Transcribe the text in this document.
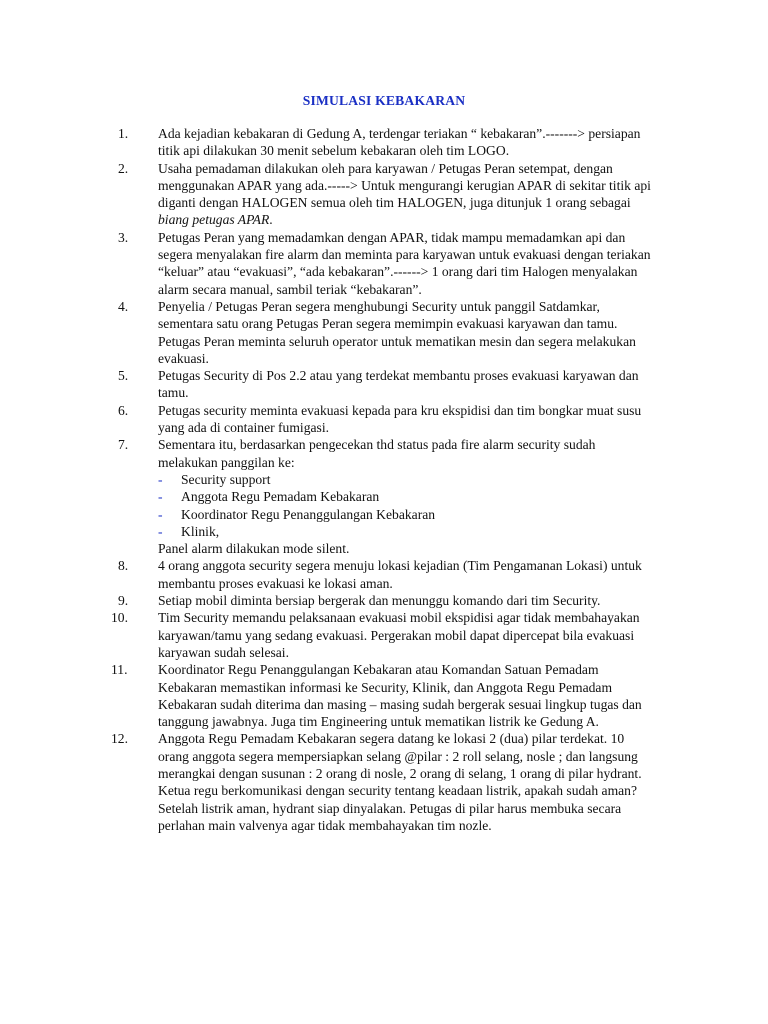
SIMULASI KEBAKARAN
1.	Ada kejadian kebakaran di Gedung A, terdengar teriakan “ kebakaran”.-------> persiapan titik api dilakukan 30 menit sebelum kebakaran oleh tim LOGO.
2.	Usaha pemadaman dilakukan oleh para karyawan / Petugas Peran setempat, dengan menggunakan APAR yang ada.-----> Untuk mengurangi kerugian APAR di sekitar titik api diganti dengan HALOGEN semua oleh tim HALOGEN, juga ditunjuk 1 orang sebagai biang petugas APAR.
3.	Petugas Peran yang memadamkan dengan APAR, tidak mampu memadamkan api dan segera menyalakan fire alarm dan meminta para karyawan untuk evakuasi dengan teriakan “keluar” atau “evakuasi”, “ada kebakaran”.------> 1 orang dari tim Halogen menyalakan alarm secara manual, sambil teriak “kebakaran”.
4.	Penyelia / Petugas Peran segera menghubungi Security untuk panggil Satdamkar, sementara satu orang Petugas Peran segera memimpin evakuasi karyawan dan tamu. Petugas Peran meminta seluruh operator untuk mematikan mesin dan segera melakukan evakuasi.
5.	Petugas Security di Pos 2.2 atau yang terdekat membantu proses evakuasi karyawan dan tamu.
6.	Petugas security meminta evakuasi kepada para kru ekspidisi dan tim bongkar muat susu yang ada di container fumigasi.
7.	Sementara itu, berdasarkan pengecekan thd status pada fire alarm security sudah melakukan panggilan ke:
- Security support
- Anggota Regu Pemadam Kebakaran
- Koordinator Regu Penanggulangan Kebakaran
- Klinik,
Panel alarm dilakukan mode silent.
8.	4 orang anggota security segera menuju lokasi kejadian (Tim Pengamanan Lokasi) untuk membantu proses evakuasi ke lokasi aman.
9.	Setiap mobil diminta bersiap bergerak dan menunggu komando dari tim Security.
10.	Tim Security memandu pelaksanaan evakuasi mobil ekspidisi agar tidak membahayakan karyawan/tamu yang sedang evakuasi. Pergerakan mobil dapat dipercepat bila evakuasi karyawan sudah selesai.
11.	Koordinator Regu Penanggulangan Kebakaran atau Komandan Satuan Pemadam Kebakaran memastikan informasi ke Security, Klinik, dan Anggota Regu Pemadam Kebakaran sudah diterima dan masing – masing sudah bergerak sesuai lingkup tugas dan tanggung jawabnya. Juga tim Engineering untuk mematikan listrik ke Gedung A.
12.	Anggota Regu Pemadam Kebakaran segera datang ke lokasi 2 (dua) pilar terdekat. 10 orang anggota segera mempersiapkan selang @pilar : 2 roll selang, nosle ; dan langsung merangkai dengan susunan : 2 orang di nosle, 2 orang di selang, 1 orang di pilar hydrant. Ketua regu berkomunikasi dengan security tentang keadaan listrik, apakah sudah aman? Setelah listrik aman, hydrant siap dinyalakan. Petugas di pilar harus membuka secara perlahan main valvenya agar tidak membahayakan tim nozle.
